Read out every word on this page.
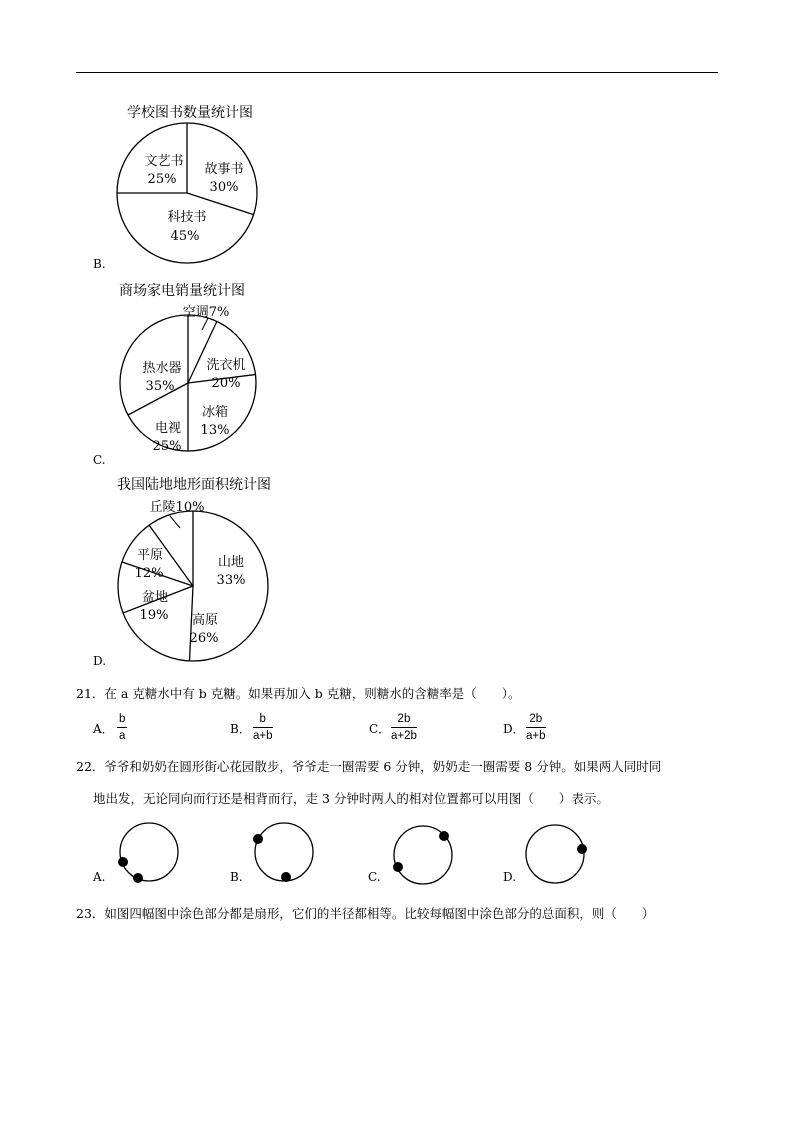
学校图书数量统计图
文艺书
25%
故事书
30%
科技书
45%
B.
商场家电销量统计图
空调7%
洗衣机
20%
冰箱
13%
电视
25%
热水器
35%
C.
我国陆地地形面积统计图
丘陵10%
山地
33%
高原
26%
盆地
19%
平原
12%
D.
21．在 a 克糖水中有 b 克糖。如果再加入 b 克糖，则糖水的含糖率是（　　）。
A． $\frac{b}{a}$	B． $\frac{b}{a+b}$	C． $\frac{2b}{a+2b}$	D． $\frac{2b}{a+b}$
22．爷爷和奶奶在圆形街心花园散步，爷爷走一圈需要 6 分钟，奶奶走一圈需要 8 分钟。如果两人同时同
地出发，无论同向而行还是相背而行，走 3 分钟时两人的相对位置都可以用图（　　）表示。
A.	B.	C.	D.
23．如图四幅图中涂色部分都是扇形，它们的半径都相等。比较每幅图中涂色部分的总面积，则（　　）
